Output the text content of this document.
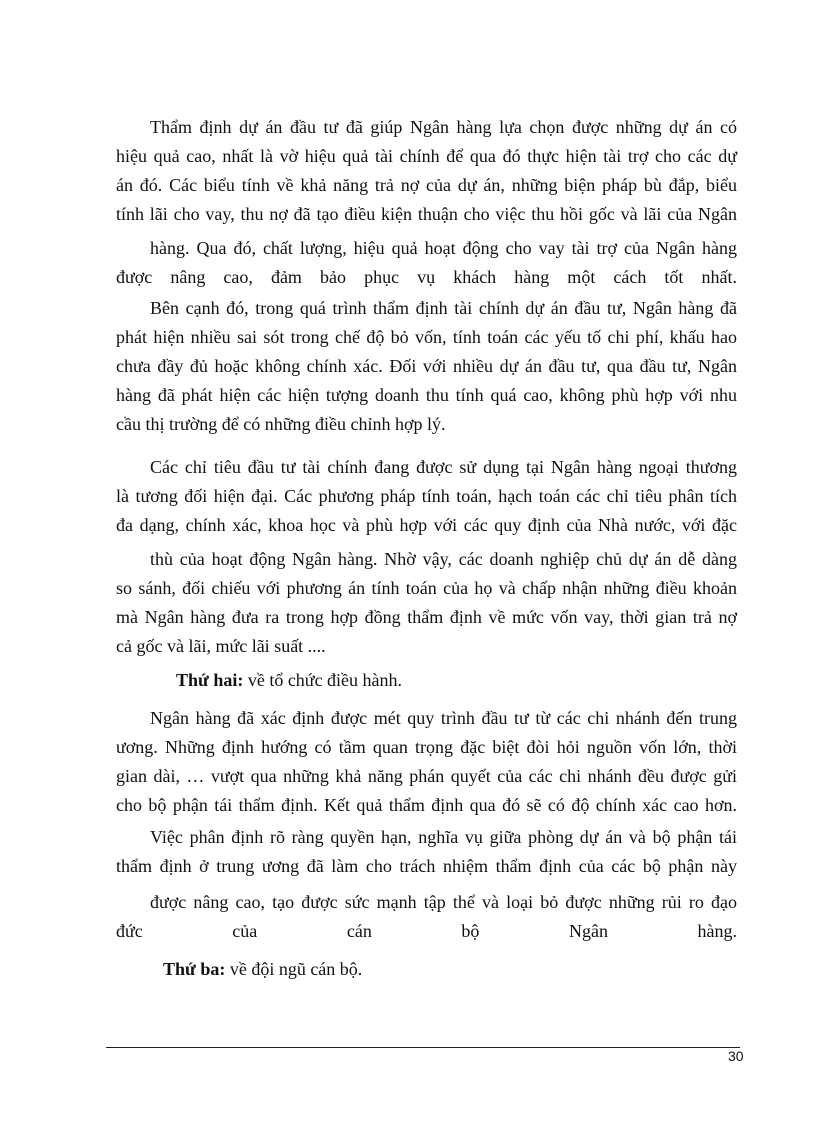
Thẩm định dự án đầu tư đã giúp Ngân hàng lựa chọn được những dự án có
hiệu quả cao, nhất là vờ hiệu quả tài chính để qua đó thực hiện tài trợ cho các dự
án đó. Các biểu tính về khả năng trả nợ của dự án, những biện pháp bù đắp, biểu
tính lãi cho vay, thu nợ đã tạo điều kiện thuận cho việc thu hồi gốc và lãi của Ngân
hàng. Qua đó, chất lượng, hiệu quả hoạt động cho vay tài trợ của Ngân hàng
được nâng cao, đảm bảo phục vụ khách hàng một cách tốt nhất.
Bên cạnh đó, trong quá trình thẩm định tài chính dự án đầu tư, Ngân hàng đã
phát hiện nhiều sai sót trong chế độ bỏ vốn, tính toán các yếu tố chi phí, khấu hao
chưa đầy đủ hoặc không chính xác. Đối với nhiều dự án đầu tư, qua đầu tư, Ngân
hàng đã phát hiện các hiện tượng doanh thu tính quá cao, không phù hợp với nhu
cầu thị trường để có những điều chỉnh hợp lý.
Các chỉ tiêu đầu tư tài chính đang được sử dụng tại Ngân hàng ngoại thương
là tương đối hiện đại. Các phương pháp tính toán, hạch toán các chỉ tiêu phân tích
đa dạng, chính xác, khoa học và phù hợp với các quy định của Nhà nước, với đặc
thù của hoạt động Ngân hàng. Nhờ vậy, các doanh nghiệp chủ dự án dễ dàng
so sánh, đối chiếu với phương án tính toán của họ và chấp nhận những điều khoản
mà Ngân hàng đưa ra trong hợp đồng thẩm định về mức vốn vay, thời gian trả nợ
cả gốc và lãi, mức lãi suất ....
Thứ hai: về tổ chức điều hành.
Ngân hàng đã xác định được mét quy trình đầu tư từ các chi nhánh đến trung
ương. Những định hướng có tầm quan trọng đặc biệt đòi hỏi nguồn vốn lớn, thời
gian dài, … vượt qua những khả năng phán quyết của các chi nhánh đều được gửi
cho bộ phận tái thẩm định. Kết quả thẩm định qua đó sẽ có độ chính xác cao hơn.
Việc phân định rõ ràng quyền hạn, nghĩa vụ giữa phòng dự án và bộ phận tái
thẩm định ở trung ương đã làm cho trách nhiệm thẩm định của các bộ phận này
được nâng cao, tạo được sức mạnh tập thể và loại bỏ được những rủi ro đạo
đức của cán bộ Ngân hàng.
Thứ ba: về đội ngũ cán bộ.
30
